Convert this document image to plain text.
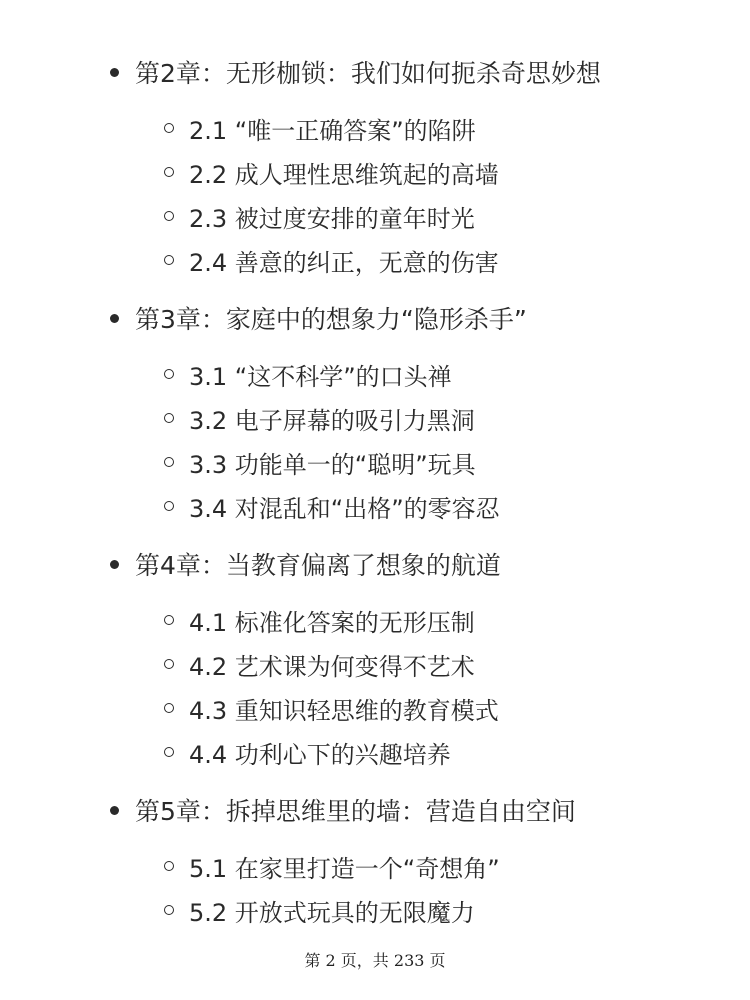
第2章：无形枷锁：我们如何扼杀奇思妙想
2.1 “唯一正确答案”的陷阱
2.2 成人理性思维筑起的高墙
2.3 被过度安排的童年时光
2.4 善意的纠正，无意的伤害
第3章：家庭中的想象力“隐形杀手”
3.1 “这不科学”的口头禅
3.2 电子屏幕的吸引力黑洞
3.3 功能单一的“聪明”玩具
3.4 对混乱和“出格”的零容忍
第4章：当教育偏离了想象的航道
4.1 标准化答案的无形压制
4.2 艺术课为何变得不艺术
4.3 重知识轻思维的教育模式
4.4 功利心下的兴趣培养
第5章：拆掉思维里的墙：营造自由空间
5.1 在家里打造一个“奇想角”
5.2 开放式玩具的无限魔力
第 2 页，共 233 页
